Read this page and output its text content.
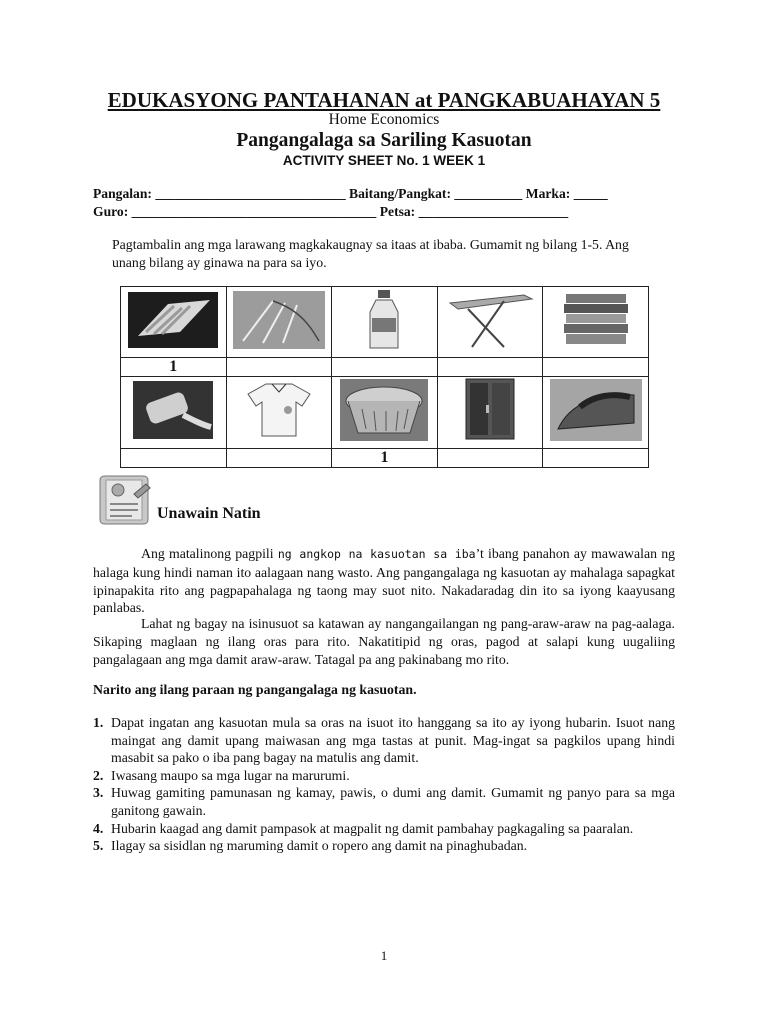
EDUKASYONG PANTAHANAN at PANGKABUAHAYAN 5
Home Economics
Pangangalaga sa Sariling Kasuotan
ACTIVITY SHEET No. 1 WEEK 1
Pangalan: ____________________________ Baitang/Pangkat: __________ Marka: _____
Guro: ____________________________________ Petsa: ______________________
Pagtambalin ang mga larawang magkakaugnay sa itaas at ibaba. Gumamit ng bilang 1-5. Ang unang bilang ay ginawa na para sa iyo.

1				

		1		
Unawain Natin
Ang matalinong pagpili ng angkop na kasuotan sa iba’t ibang panahon ay mawawalan ng halaga kung hindi naman ito aalagaan nang wasto. Ang pangangalaga ng kasuotan ay mahalaga sapagkat ipinapakita rito ang pagpapahalaga ng taong may suot nito. Nakadaradag din ito sa iyong kaayusang panlabas.
Lahat ng bagay na isinusuot sa katawan ay nangangailangan ng pang-araw-araw na pag-aalaga. Sikaping maglaan ng ilang oras para rito. Nakatitipid ng oras, pagod at salapi kung uugaliing pangalagaan ang mga damit araw-araw. Tatagal pa ang pakinabang mo rito.
Narito ang ilang paraan ng pangangalaga ng kasuotan.
1. Dapat ingatan ang kasuotan mula sa oras na isuot ito hanggang sa ito ay iyong hubarin. Isuot nang maingat ang damit upang maiwasan ang mga tastas at punit. Mag-ingat sa pagkilos upang hindi masabit sa pako o iba pang bagay na matulis ang damit.
2. Iwasang maupo sa mga lugar na marurumi.
3. Huwag gamiting pamunasan ng kamay, pawis, o dumi ang damit. Gumamit ng panyo para sa mga ganitong gawain.
4. Hubarin kaagad ang damit pampasok at magpalit ng damit pambahay pagkagaling sa paaralan.
5. Ilagay sa sisidlan ng maruming damit o ropero ang damit na pinaghubadan.
1
